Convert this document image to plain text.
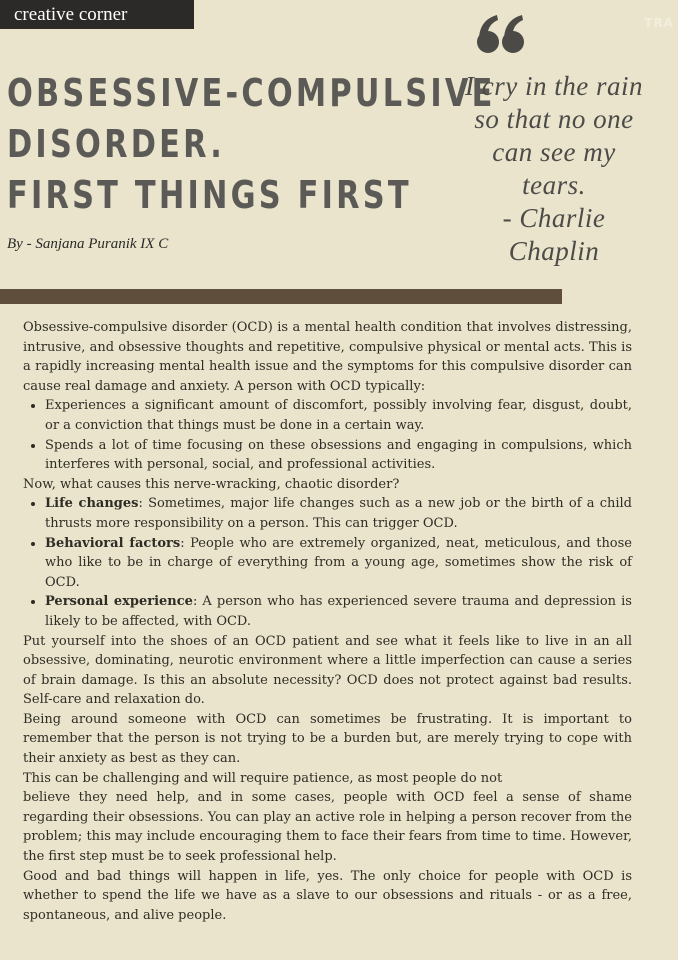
creative corner	TRA
OBSESSIVE-COMPULSIVE
DISORDER.
FIRST THINGS FIRST
By - Sanjana Puranik IX C
I cry in the rain
so that no one
can see my
tears.
- Charlie
Chaplin

Obsessive-compulsive disorder (OCD) is a mental health condition that involves distressing, intrusive, and obsessive thoughts and repetitive, compulsive physical or mental acts. This is a rapidly increasing mental health issue and the symptoms for this compulsive disorder can cause real damage and anxiety. A person with OCD typically:

• Experiences a significant amount of discomfort, possibly involving fear, disgust, doubt, or a conviction that things must be done in a certain way.
• Spends a lot of time focusing on these obsessions and engaging in compulsions, which interferes with personal, social, and professional activities.

Now, what causes this nerve-wracking, chaotic disorder?

• Life changes: Sometimes, major life changes such as a new job or the birth of a child thrusts more responsibility on a person. This can trigger OCD.
• Behavioral factors: People who are extremely organized, neat, meticulous, and those who like to be in charge of everything from a young age, sometimes show the risk of OCD.
• Personal experience: A person who has experienced severe trauma and depression is likely to be affected, with OCD.

Put yourself into the shoes of an OCD patient and see what it feels like to live in an all obsessive, dominating, neurotic environment where a little imperfection can cause a series of brain damage. Is this an absolute necessity? OCD does not protect against bad results. Self-care and relaxation do.

Being around someone with OCD can sometimes be frustrating. It is important to remember that the person is not trying to be a burden but, are merely trying to cope with their anxiety as best as they can.

This can be challenging and will require patience, as most people do not

believe they need help, and in some cases, people with OCD feel a sense of shame regarding their obsessions. You can play an active role in helping a person recover from the problem; this may include encouraging them to face their fears from time to time. However, the first step must be to seek professional help.

Good and bad things will happen in life, yes. The only choice for people with OCD is whether to spend the life we have as a slave to our obsessions and rituals - or as a free, spontaneous, and alive people.
